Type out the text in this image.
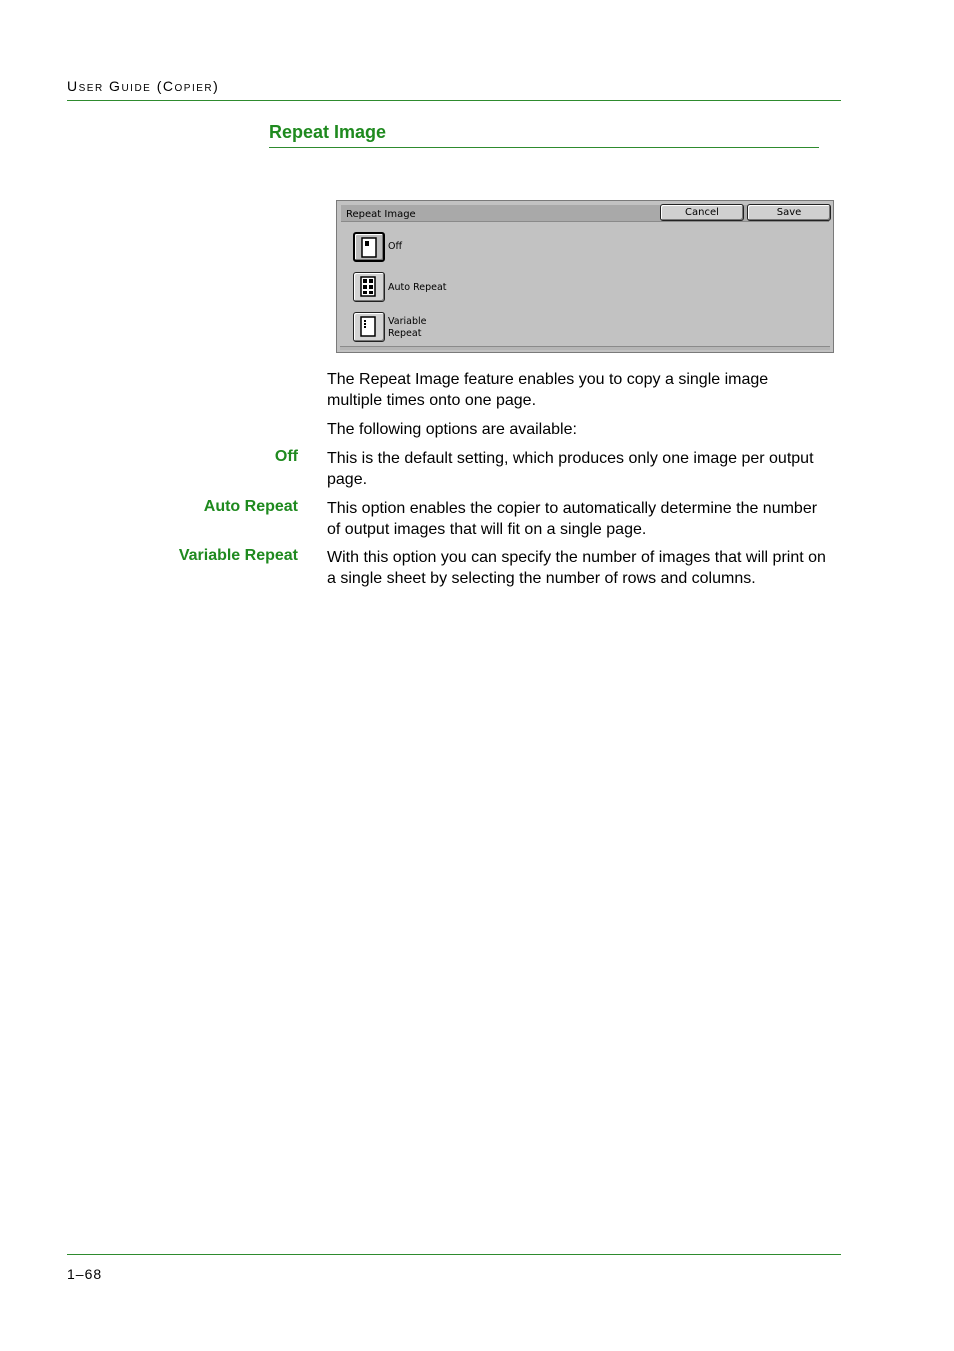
User Guide (Copier)
Repeat Image
Repeat Image	Cancel	Save
Off
Auto Repeat
Variable
Repeat
The Repeat Image feature enables you to copy a single image multiple times onto one page.
The following options are available:
Off This is the default setting, which produces only one image per output page.
Auto Repeat This option enables the copier to automatically determine the number of output images that will fit on a single page.
Variable Repeat With this option you can specify the number of images that will print on a single sheet by selecting the number of rows and columns.
1–68
